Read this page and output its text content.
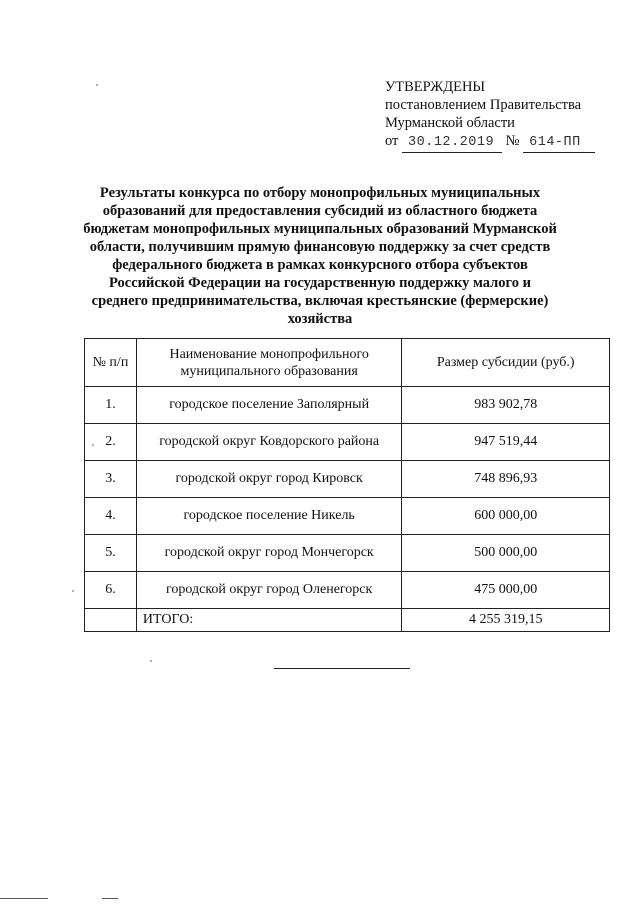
УТВЕРЖДЕНЫ
постановлением Правительства
Мурманской области
от 30.12.2019 № 614-ПП
Результаты конкурса по отбору монопрофильных муниципальных образований для предоставления субсидий из областного бюджета бюджетам монопрофильных муниципальных образований Мурманской области, получившим прямую финансовую поддержку за счет средств федерального бюджета в рамках конкурсного отбора субъектов Российской Федерации на государственную поддержку малого и среднего предпринимательства, включая крестьянские (фермерские) хозяйства
№ п/п	Наименование монопрофильного муниципального образования	Размер субсидии (руб.)
1.	городское поселение Заполярный	983 902,78
2.	городской округ Ковдорского района	947 519,44
3.	городской округ город Кировск	748 896,93
4.	городское поселение Никель	600 000,00
5.	городской округ город Мончегорск	500 000,00
6.	городской округ город Оленегорск	475 000,00
	ИТОГО:	4 255 319,15
